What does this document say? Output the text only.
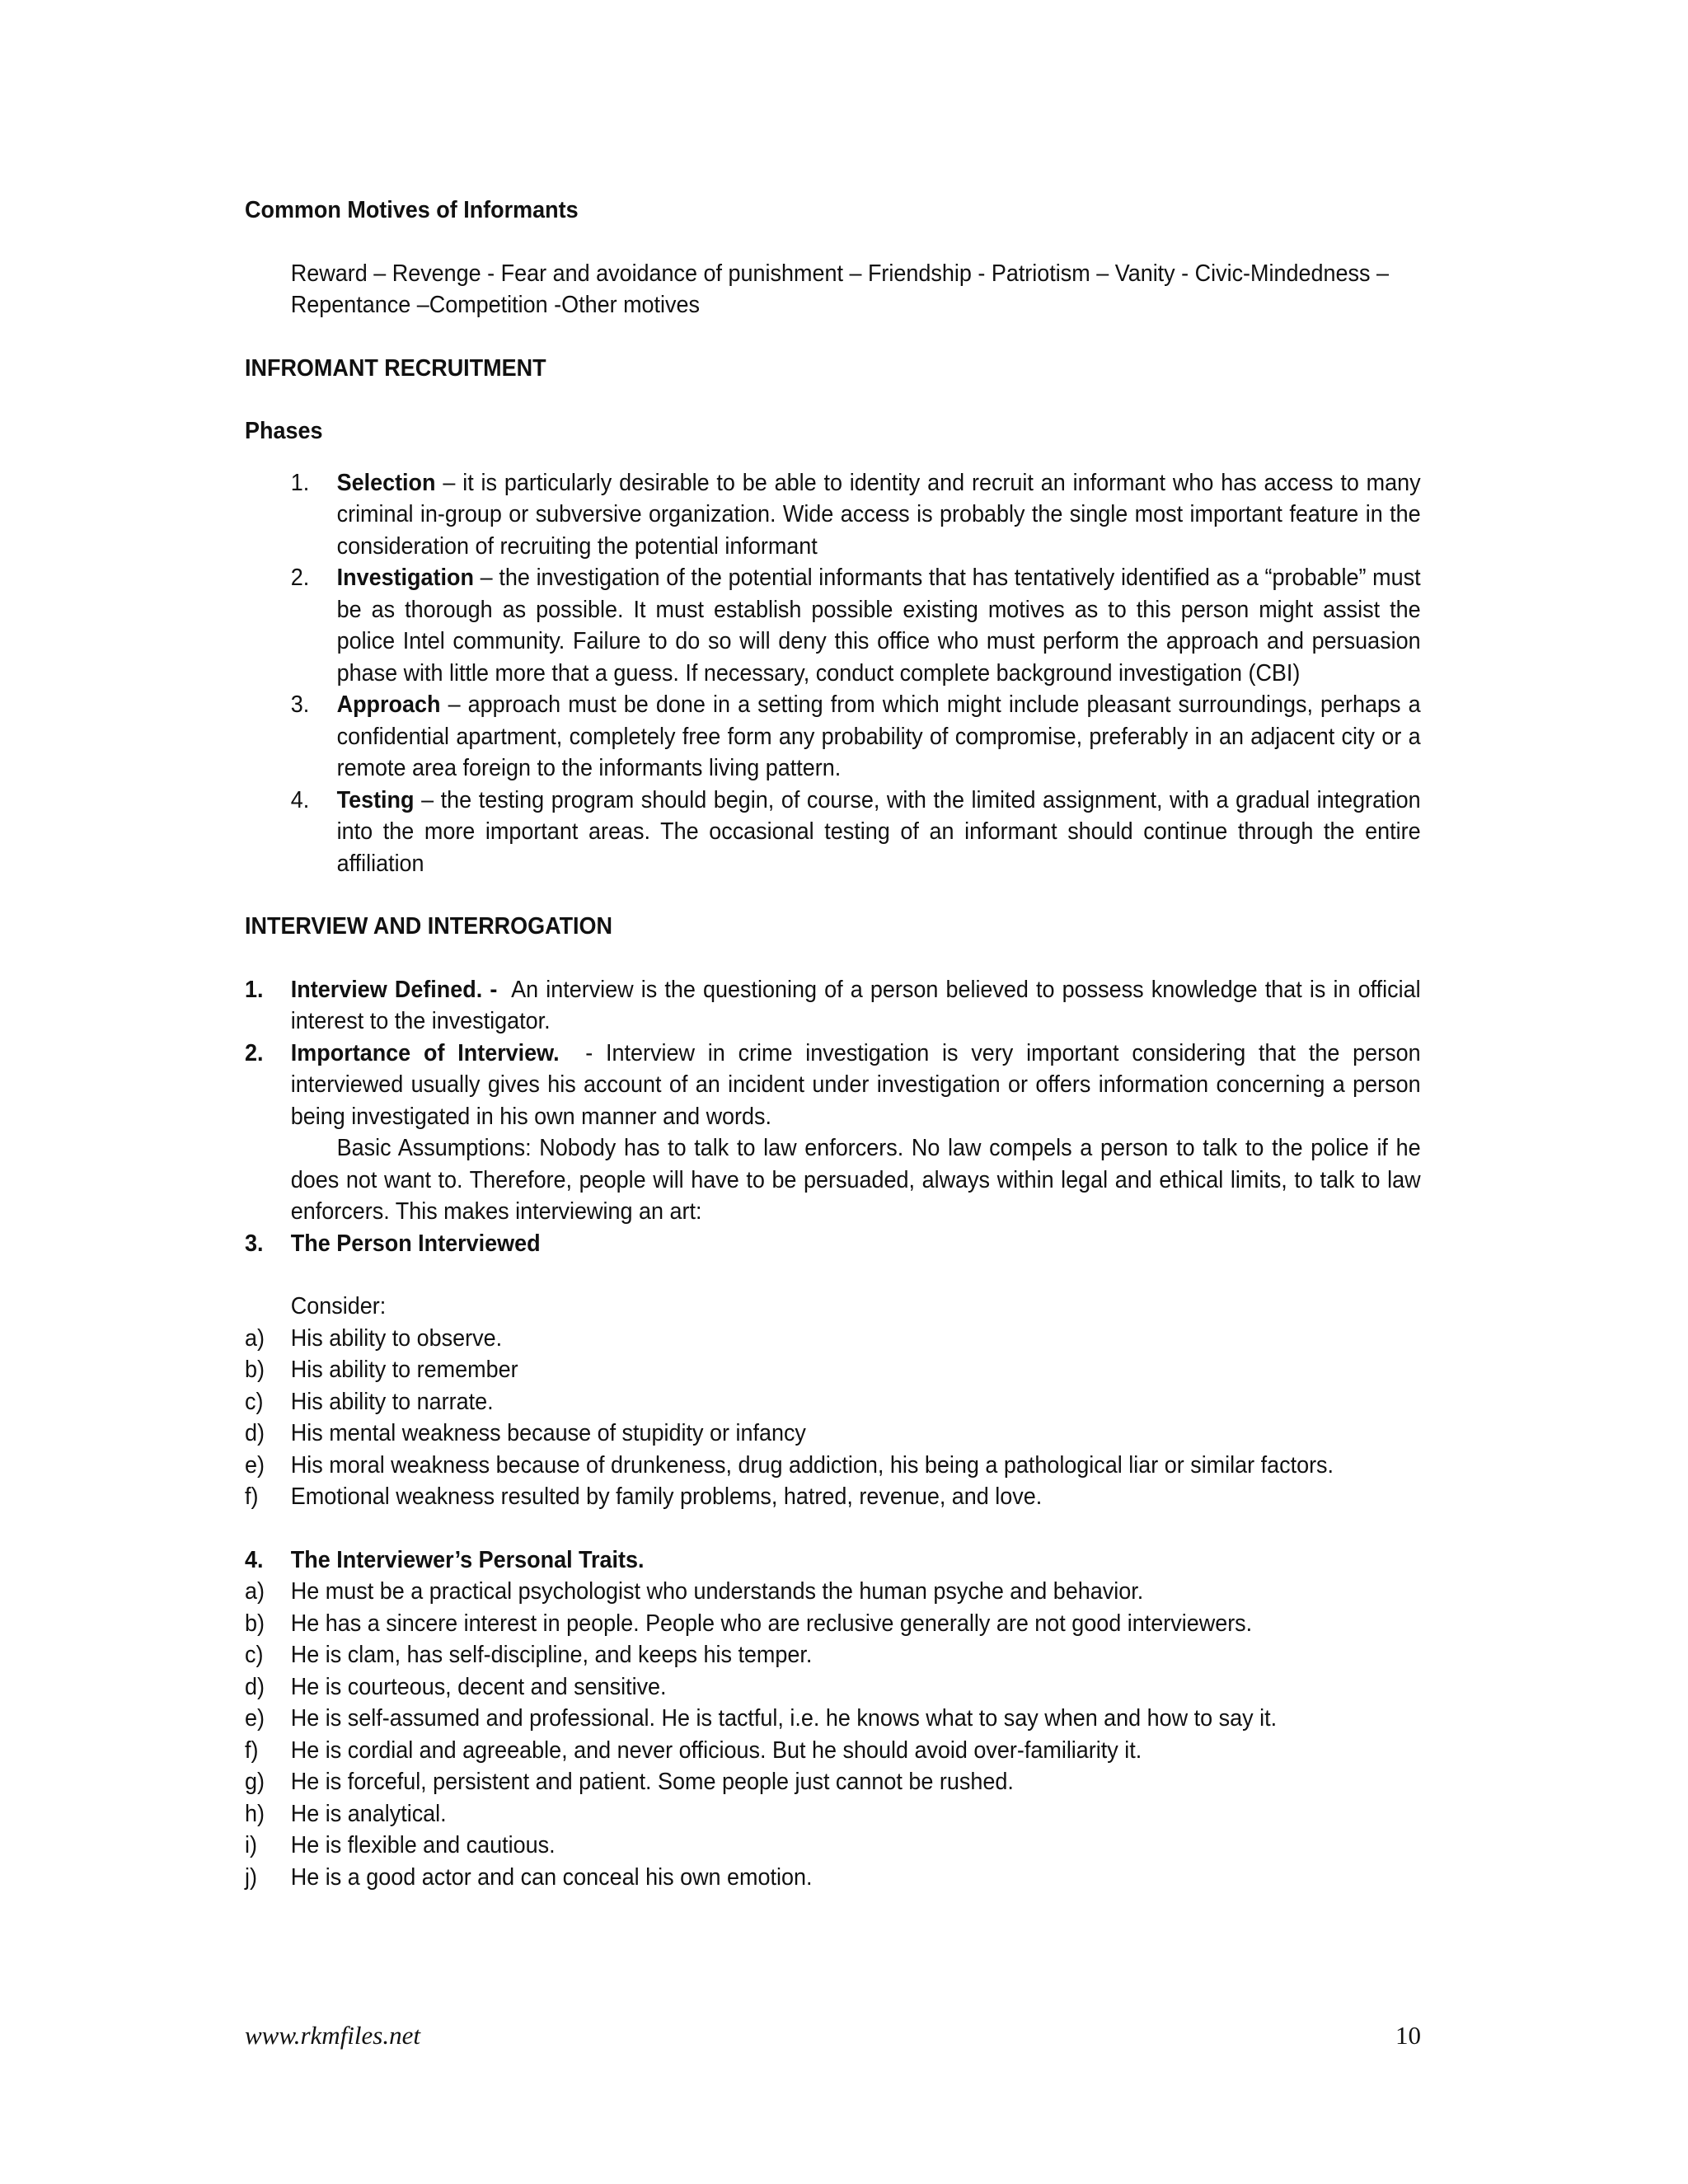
Common Motives of Informants

Reward – Revenge - Fear and avoidance of punishment – Friendship - Patriotism – Vanity - Civic-Mindedness – Repentance –Competition -Other motives

INFROMANT RECRUITMENT

Phases

1. Selection – it is particularly desirable to be able to identity and recruit an informant who has access to many criminal in-group or subversive organization. Wide access is probably the single most important feature in the consideration of recruiting the potential informant
2. Investigation – the investigation of the potential informants that has tentatively identified as a “probable” must be as thorough as possible. It must establish possible existing motives as to this person might assist the police Intel community. Failure to do so will deny this office who must perform the approach and persuasion phase with little more that a guess. If necessary, conduct complete background investigation (CBI)
3. Approach – approach must be done in a setting from which might include pleasant surroundings, perhaps a confidential apartment, completely free form any probability of compromise, preferably in an adjacent city or a remote area foreign to the informants living pattern.
4. Testing – the testing program should begin, of course, with the limited assignment, with a gradual integration into the more important areas. The occasional testing of an informant should continue through the entire affiliation

INTERVIEW AND INTERROGATION

1. Interview Defined. -  An interview is the questioning of a person believed to possess knowledge that is in official interest to the investigator.
2. Importance of Interview.  - Interview in crime investigation is very important considering that the person interviewed usually gives his account of an incident under investigation or offers information concerning a person being investigated in his own manner and words.
Basic Assumptions: Nobody has to talk to law enforcers. No law compels a person to talk to the police if he does not want to. Therefore, people will have to be persuaded, always within legal and ethical limits, to talk to law enforcers. This makes interviewing an art:
3. The Person Interviewed
Consider:
a) His ability to observe.
b) His ability to remember
c) His ability to narrate.
d) His mental weakness because of stupidity or infancy
e) His moral weakness because of drunkeness, drug addiction, his being a pathological liar or similar factors.
f) Emotional weakness resulted by family problems, hatred, revenue, and love.
4. The Interviewer’s Personal Traits.
a) He must be a practical psychologist who understands the human psyche and behavior.
b) He has a sincere interest in people. People who are reclusive generally are not good interviewers.
c) He is clam, has self-discipline, and keeps his temper.
d) He is courteous, decent and sensitive.
e) He is self-assumed and professional. He is tactful, i.e. he knows what to say when and how to say it.
f) He is cordial and agreeable, and never officious. But he should avoid over-familiarity it.
g) He is forceful, persistent and patient. Some people just cannot be rushed.
h) He is analytical.
i) He is flexible and cautious.
j) He is a good actor and can conceal his own emotion.
www.rkmfiles.net	10
